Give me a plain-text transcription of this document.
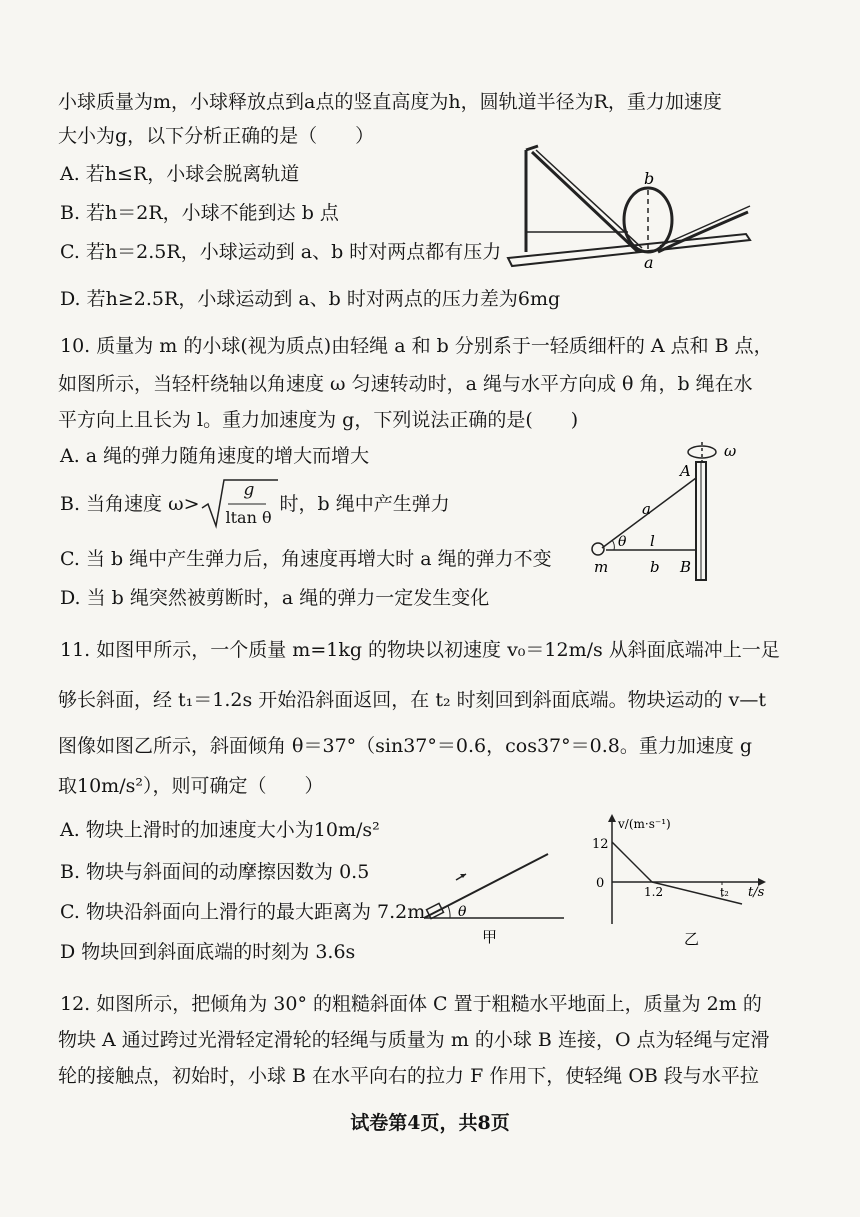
小球质量为m，小球释放点到a点的竖直高度为h，圆轨道半径为R，重力加速度
大小为g，以下分析正确的是（　　）
A. 若h≤R，小球会脱离轨道
B. 若h＝2R，小球不能到达 b 点
C. 若h＝2.5R，小球运动到 a、b 时对两点都有压力
D. 若h≥2.5R，小球运动到 a、b 时对两点的压力差为6mg
b
a
10. 质量为 m 的小球(视为质点)由轻绳 a 和 b 分别系于一轻质细杆的 A 点和 B 点，
如图所示，当轻杆绕轴以角速度 ω 匀速转动时，a 绳与水平方向成 θ 角，b 绳在水
平方向上且长为 l。重力加速度为 g，下列说法正确的是(　　)
A. a 绳的弹力随角速度的增大而增大
B. 当角速度 ω>
g
ltan θ
时，b 绳中产生弹力
C. 当 b 绳中产生弹力后，角速度再增大时 a 绳的弹力不变
D. 当 b 绳突然被剪断时，a 绳的弹力一定发生变化
ω
θ
A
a
l
m	b B
11. 如图甲所示，一个质量 m=1kg 的物块以初速度 v₀＝12m/s 从斜面底端冲上一足
够长斜面，经 t₁＝1.2s 开始沿斜面返回，在 t₂ 时刻回到斜面底端。物块运动的 v—t
图像如图乙所示，斜面倾角 θ＝37°（sin37°＝0.6，cos37°＝0.8。重力加速度 g
取10m/s²），则可确定（　　）
A. 物块上滑时的加速度大小为10m/s²
B. 物块与斜面间的动摩擦因数为 0.5
C. 物块沿斜面向上滑行的最大距离为 7.2m
D 物块回到斜面底端的时刻为 3.6s
θ
甲
v/(m·s⁻¹)
12
0
1.2	t₂ t/s
乙
12. 如图所示，把倾角为 30° 的粗糙斜面体 C 置于粗糙水平地面上，质量为 2m 的
物块 A 通过跨过光滑轻定滑轮的轻绳与质量为 m 的小球 B 连接，O 点为轻绳与定滑
轮的接触点，初始时，小球 B 在水平向右的拉力 F 作用下，使轻绳 OB 段与水平拉
试卷第4页，共8页
